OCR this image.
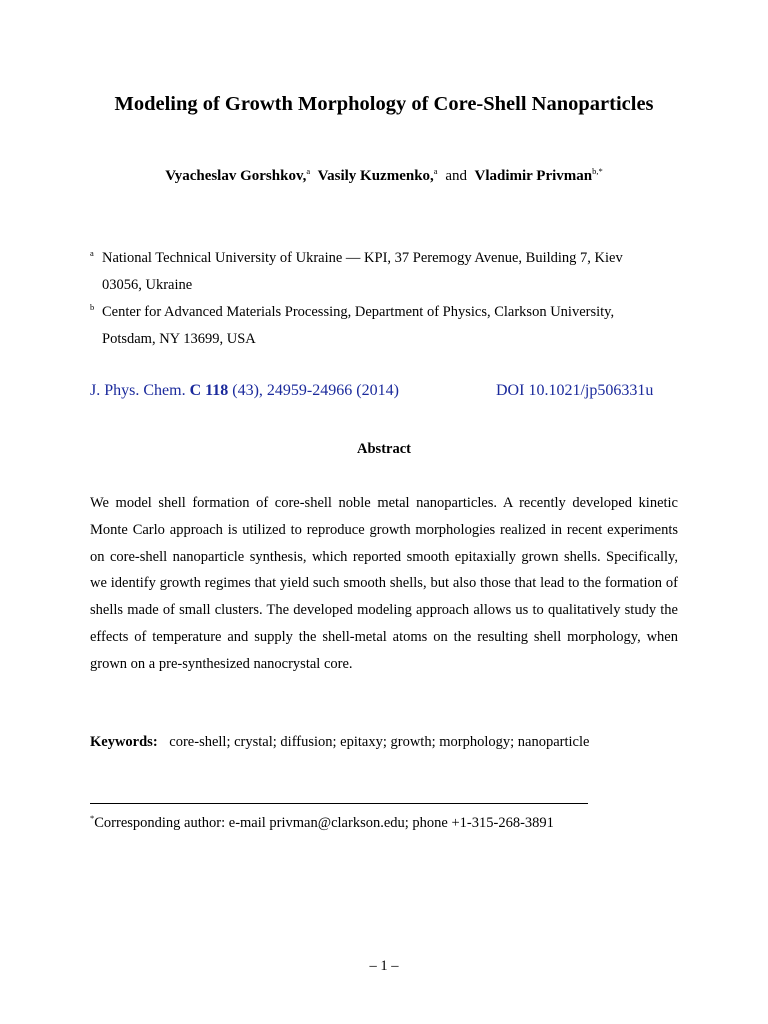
Modeling of Growth Morphology of Core-Shell Nanoparticles
Vyacheslav Gorshkov,$^a$ Vasily Kuzmenko,$^a$ and Vladimir Privman$^{b,*}$
a National Technical University of Ukraine — KPI, 37 Peremogy Avenue, Building 7, Kiev
03056, Ukraine
b Center for Advanced Materials Processing, Department of Physics, Clarkson University,
Potsdam, NY 13699, USA
J. Phys. Chem. C 118 (43), 24959-24966 (2014)	DOI 10.1021/jp506331u
Abstract
We model shell formation of core-shell noble metal nanoparticles. A recently developed kinetic Monte Carlo approach is utilized to reproduce growth morphologies realized in recent experiments on core-shell nanoparticle synthesis, which reported smooth epitaxially grown shells. Specifically, we identify growth regimes that yield such smooth shells, but also those that lead to the formation of shells made of small clusters. The developed modeling approach allows us to qualitatively study the effects of temperature and supply the shell-metal atoms on the resulting shell morphology, when grown on a pre-synthesized nanocrystal core.
Keywords: core-shell; crystal; diffusion; epitaxy; growth; morphology; nanoparticle
*Corresponding author: e-mail privman@clarkson.edu; phone +1-315-268-3891
– 1 –
